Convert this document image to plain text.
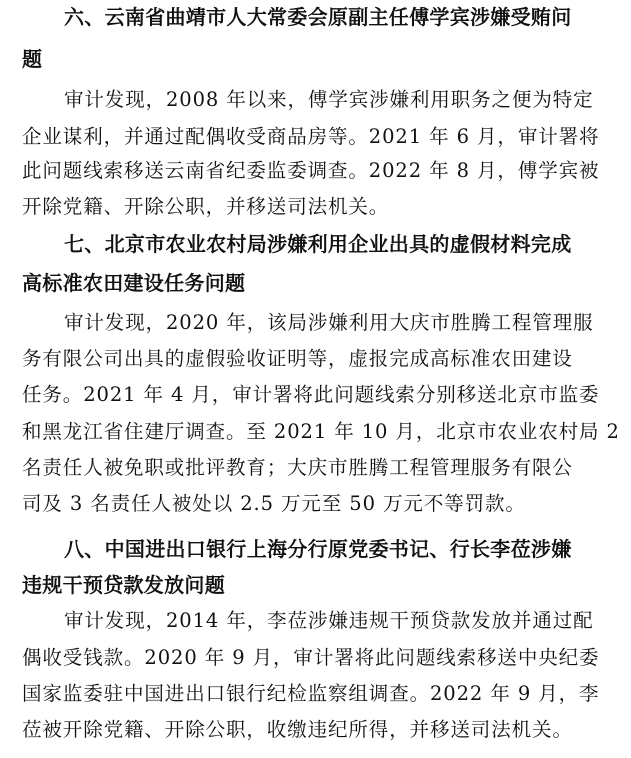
六、云南省曲靖市人大常委会原副主任傅学宾涉嫌受贿问
题
审计发现，2008 年以来，傅学宾涉嫌利用职务之便为特定
企业谋利，并通过配偶收受商品房等。2021 年 6 月，审计署将
此问题线索移送云南省纪委监委调查。2022 年 8 月，傅学宾被
开除党籍、开除公职，并移送司法机关。
七、北京市农业农村局涉嫌利用企业出具的虚假材料完成
高标准农田建设任务问题
审计发现，2020 年，该局涉嫌利用大庆市胜腾工程管理服
务有限公司出具的虚假验收证明等，虚报完成高标准农田建设
任务。2021 年 4 月，审计署将此问题线索分别移送北京市监委
和黑龙江省住建厅调查。至 2021 年 10 月，北京市农业农村局 2
名责任人被免职或批评教育；大庆市胜腾工程管理服务有限公
司及 3 名责任人被处以 2.5 万元至 50 万元不等罚款。
八、中国进出口银行上海分行原党委书记、行长李莅涉嫌
违规干预贷款发放问题
审计发现，2014 年，李莅涉嫌违规干预贷款发放并通过配
偶收受钱款。2020 年 9 月，审计署将此问题线索移送中央纪委
国家监委驻中国进出口银行纪检监察组调查。2022 年 9 月，李
莅被开除党籍、开除公职，收缴违纪所得，并移送司法机关。
